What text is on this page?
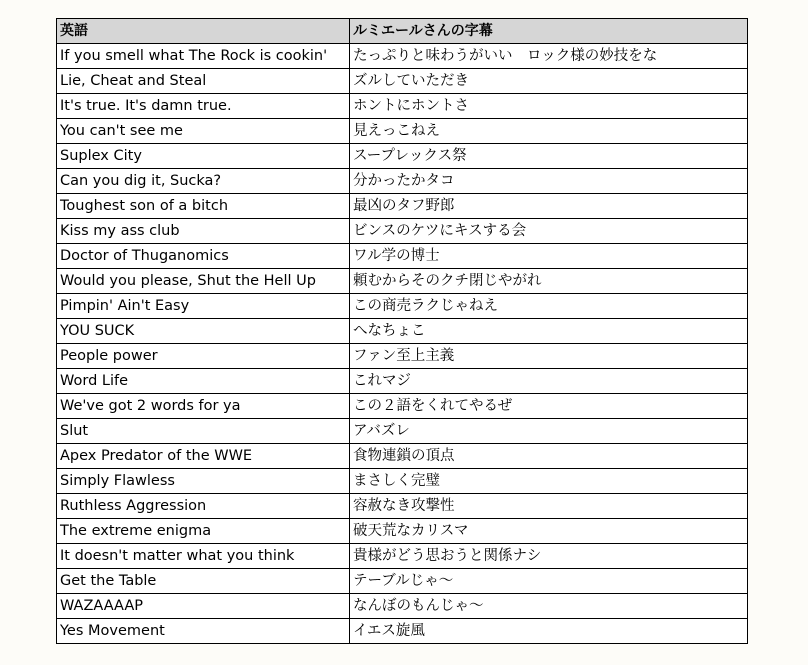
英語	ルミエールさんの字幕
If you smell what The Rock is cookin'	たっぷりと味わうがいい　ロック様の妙技をな
Lie, Cheat and Steal	ズルしていただき
It's true. It's damn true.	ホントにホントさ
You can't see me	見えっこねえ
Suplex City	スープレックス祭
Can you dig it, Sucka?	分かったかタコ
Toughest son of a bitch	最凶のタフ野郎
Kiss my ass club	ビンスのケツにキスする会
Doctor of Thuganomics	ワル学の博士
Would you please, Shut the Hell Up	頼むからそのクチ閉じやがれ
Pimpin' Ain't Easy	この商売ラクじゃねえ
YOU SUCK	へなちょこ
People power	ファン至上主義
Word Life	これマジ
We've got 2 words for ya	この２語をくれてやるぜ
Slut	アバズレ
Apex Predator of the WWE	食物連鎖の頂点
Simply Flawless	まさしく完璧
Ruthless Aggression	容赦なき攻撃性
The extreme enigma	破天荒なカリスマ
It doesn't matter what you think	貴様がどう思おうと関係ナシ
Get the Table	テーブルじゃ～
WAZAAAAP	なんぼのもんじゃ～
Yes Movement	イエス旋風
